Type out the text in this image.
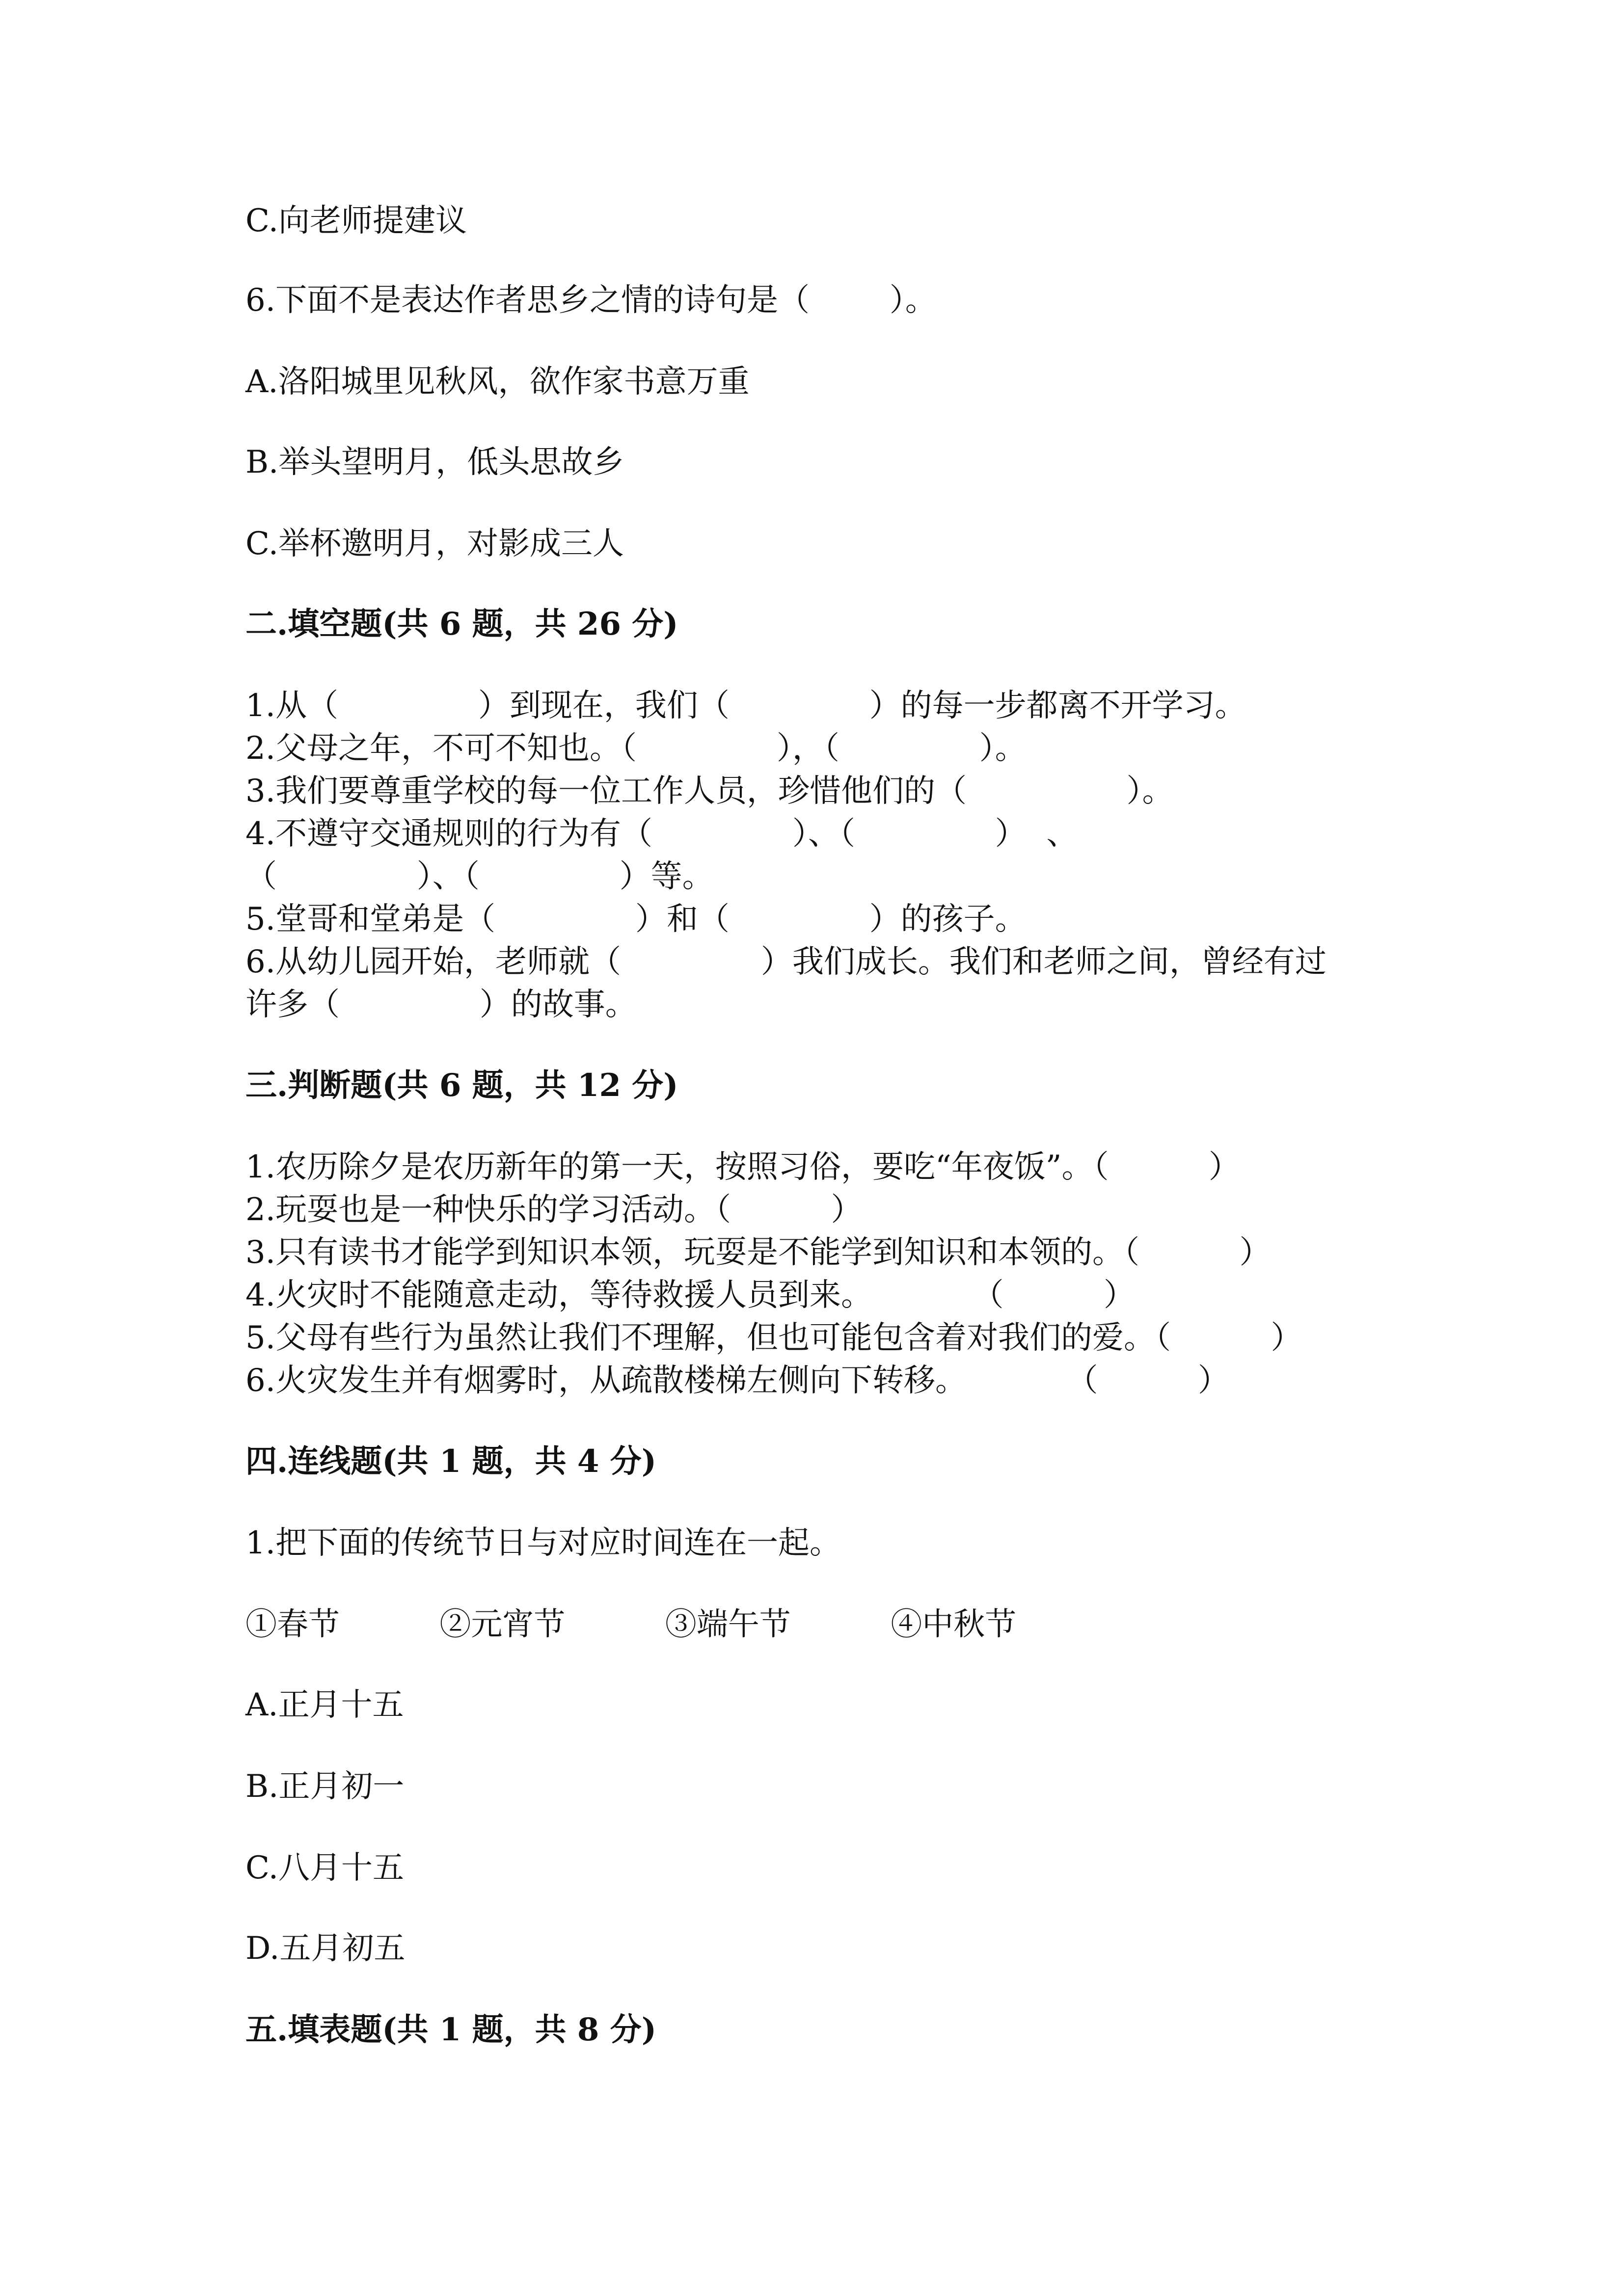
C.向老师提建议
6.下面不是表达作者思乡之情的诗句是（        ）。
A.洛阳城里见秋风，欲作家书意万重
B.举头望明月，低头思故乡
C.举杯邀明月，对影成三人
二.填空题(共 6 题，共 26 分)
1.从（              ）到现在，我们（              ）的每一步都离不开学习。
2.父母之年，不可不知也。（              ），（              ）。
3.我们要尊重学校的每一位工作人员，珍惜他们的（                ）。
4.不遵守交通规则的行为有（              ）、（              ）  、
（              ）、（              ）等。
5.堂哥和堂弟是（              ）和（              ）的孩子。
6.从幼儿园开始，老师就（              ）我们成长。我们和老师之间，曾经有过
许多（              ）的故事。
三.判断题(共 6 题，共 12 分)
1.农历除夕是农历新年的第一天，按照习俗，要吃“年夜饭”。（          ）
2.玩耍也是一种快乐的学习活动。（          ）
3.只有读书才能学到知识本领，玩耍是不能学到知识和本领的。（          ）
4.火灾时不能随意走动，等待救援人员到来。          （          ）
5.父母有些行为虽然让我们不理解，但也可能包含着对我们的爱。（          ）
6.火灾发生并有烟雾时，从疏散楼梯左侧向下转移。          （          ）
四.连线题(共 1 题，共 4 分)
1.把下面的传统节日与对应时间连在一起。
①春节          ②元宵节          ③端午节          ④中秋节
A.正月十五
B.正月初一
C.八月十五
D.五月初五
五.填表题(共 1 题，共 8 分)
